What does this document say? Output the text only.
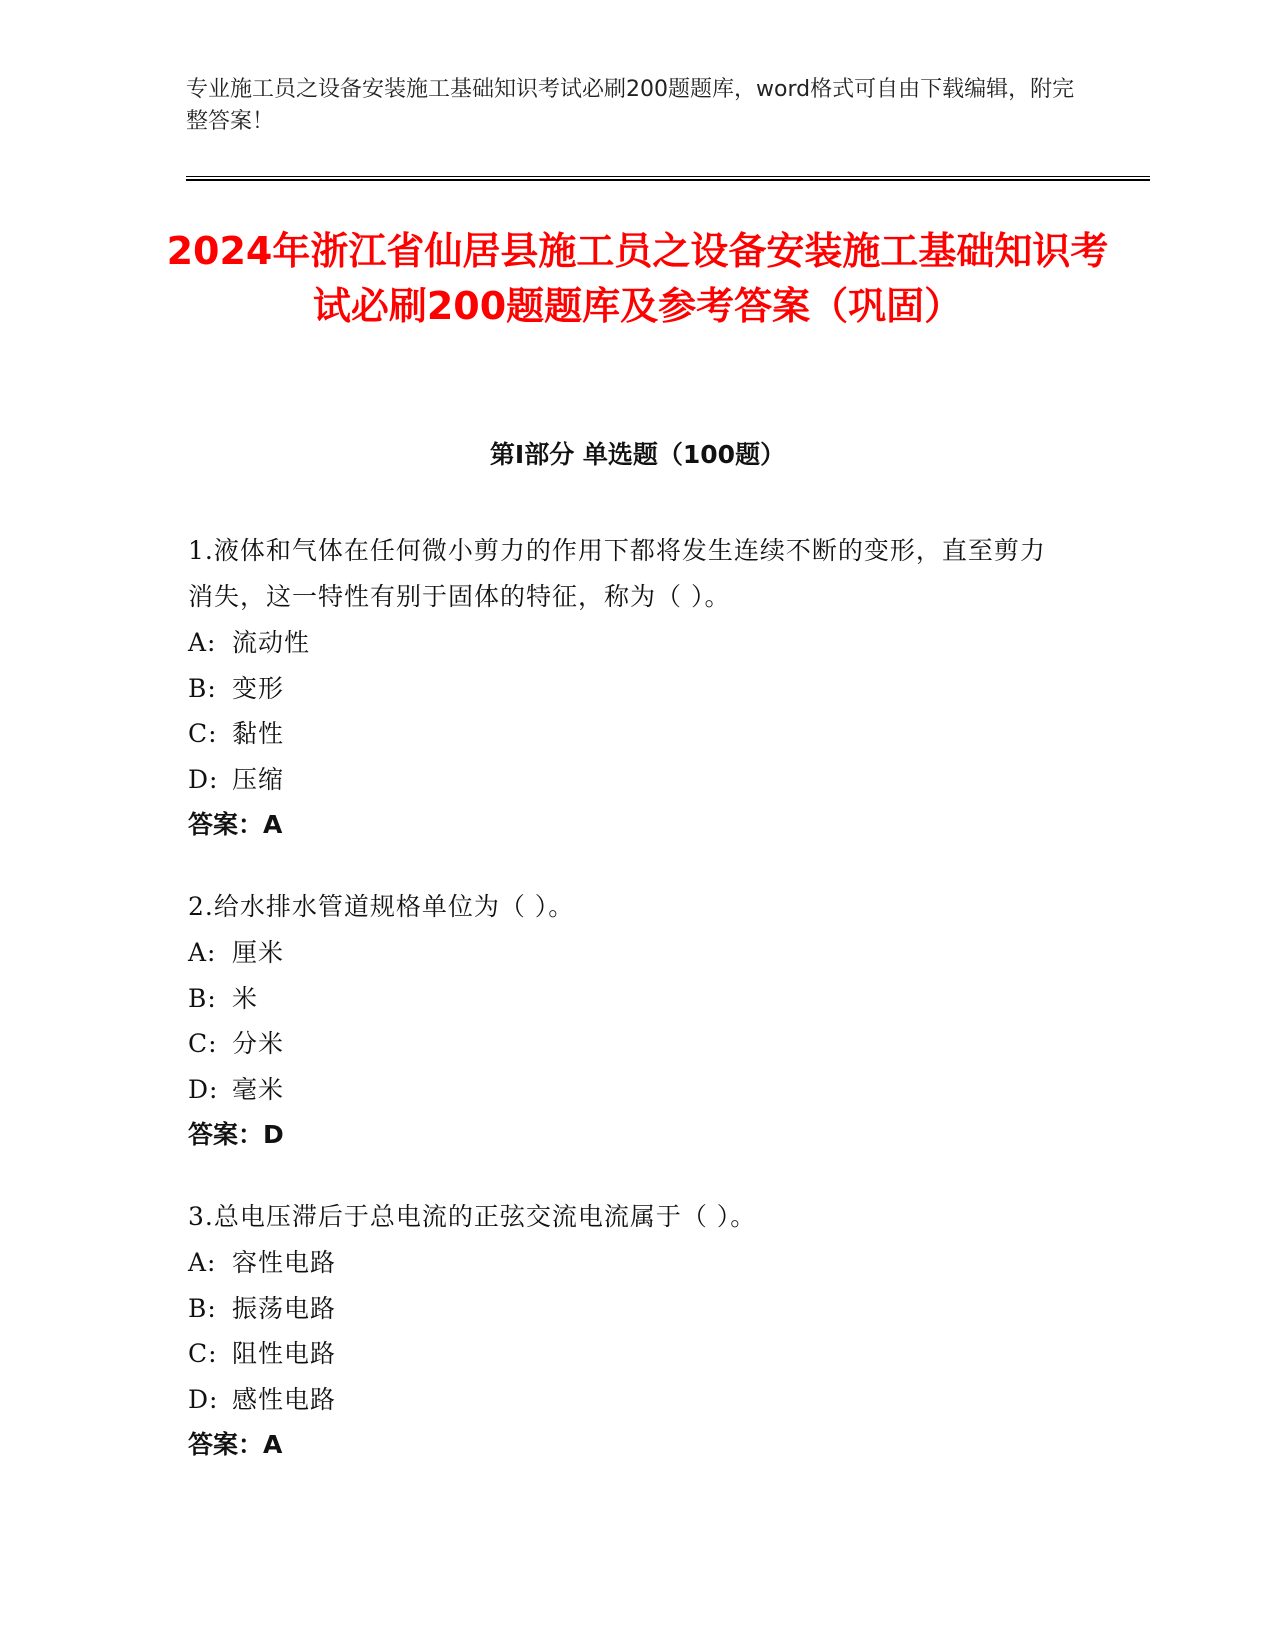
专业施工员之设备安装施工基础知识考试必刷200题题库，word格式可自由下载编辑，附完整答案！
2024年浙江省仙居县施工员之设备安装施工基础知识考试必刷200题题库及参考答案（巩固）
第I部分 单选题（100题）

1.液体和气体在任何微小剪力的作用下都将发生连续不断的变形，直至剪力消失，这一特性有别于固体的特征，称为（ ）。

A: 流动性

B: 变形

C: 黏性

D: 压缩

答案：A

2.给水排水管道规格单位为（ ）。

A: 厘米

B: 米

C: 分米

D: 毫米

答案：D

3.总电压滞后于总电流的正弦交流电流属于（ ）。

A: 容性电路

B: 振荡电路

C: 阻性电路

D: 感性电路

答案：A
